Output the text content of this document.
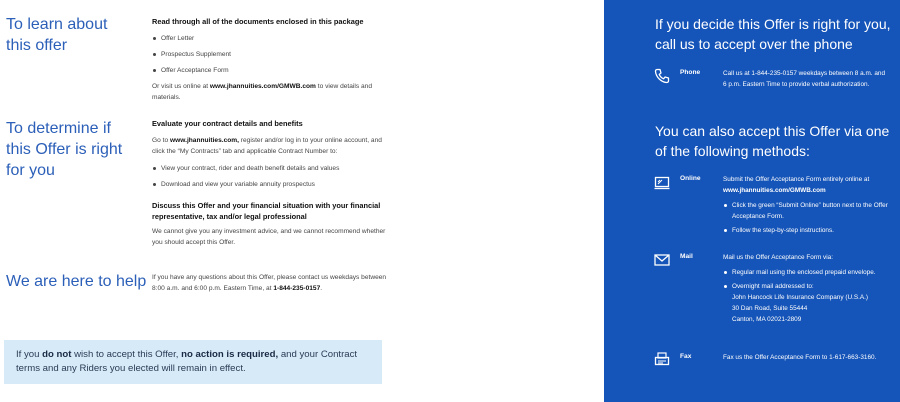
To learn about this offer
Read through all of the documents enclosed in this package
Offer Letter
Prospectus Supplement
Offer Acceptance Form

Or visit us online at www.jhannuities.com/GMWB.com to view details and materials.

To determine if this Offer is right for you
Evaluate your contract details and benefits

Go to www.jhannuities.com, register and/or log in to your online account, and click the “My Contracts” tab and applicable Contract Number to:

View your contract, rider and death benefit details and values
Download and view your variable annuity prospectus
Discuss this Offer and your financial situation with your financial representative, tax and/or legal professional

We cannot give you any investment advice, and we cannot recommend whether you should accept this Offer.

We are here to help If you have any questions about this Offer, please contact us weekdays between 8:00 a.m. and 6:00 p.m. Eastern Time, at 1-844-235-0157.

If you do not wish to accept this Offer, no action is required, and your Contract terms and any Riders you elected will remain in effect.
If you decide this Offer is right for you, call us to accept over the phone
Phone	Call us at 1-844-235-0157 weekdays between 8 a.m. and 6 p.m. Eastern Time to provide verbal authorization.
You can also accept this Offer via one of the following methods:
Online	Submit the Offer Acceptance Form entirely online at www.jhannuities.com/GMWB.com

Click the green “Submit Online” button next to the Offer Acceptance Form.
Follow the step-by-step instructions.
Mail	Mail us the Offer Acceptance Form via:

Regular mail using the enclosed prepaid envelope.
Overnight mail addressed to:
John Hancock Life Insurance Company (U.S.A.)
30 Dan Road, Suite 55444
Canton, MA 02021-2809
Fax	Fax us the Offer Acceptance Form to 1-617-663-3160.
